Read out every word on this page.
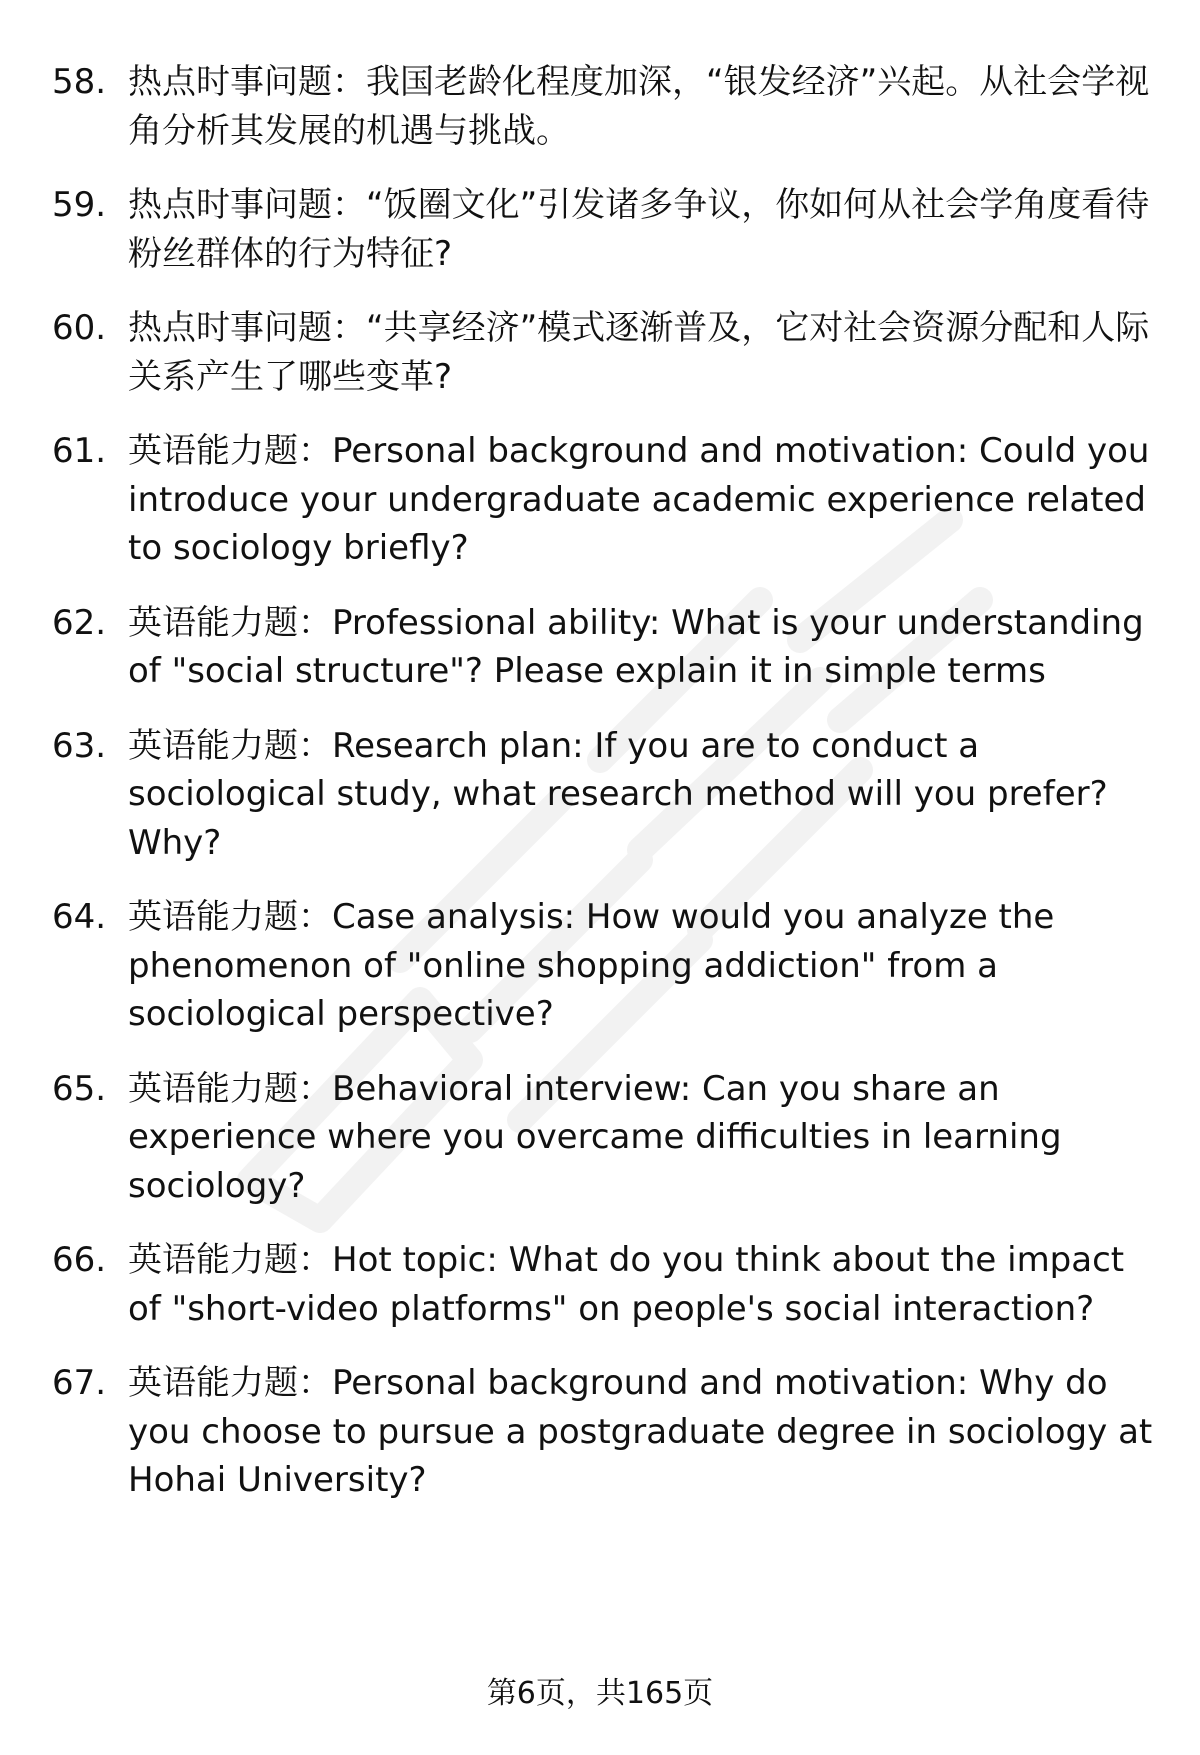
58. 热点时事问题：我国老龄化程度加深，“银发经济”兴起。从社会学视角分析其发展的机遇与挑战。
59. 热点时事问题：“饭圈文化”引发诸多争议，你如何从社会学角度看待粉丝群体的行为特征?
60. 热点时事问题：“共享经济”模式逐渐普及，它对社会资源分配和人际关系产生了哪些变革?
61. 英语能力题：Personal background and motivation: Could you introduce your undergraduate academic experience related to sociology briefly?
62. 英语能力题：Professional ability: What is your understanding of "social structure"? Please explain it in simple terms
63. 英语能力题：Research plan: If you are to conduct a sociological study, what research method will you prefer? Why?
64. 英语能力题：Case analysis: How would you analyze the phenomenon of "online shopping addiction" from a sociological perspective?
65. 英语能力题：Behavioral interview: Can you share an experience where you overcame difficulties in learning sociology?
66. 英语能力题：Hot topic: What do you think about the impact of "short-video platforms" on people's social interaction?
67. 英语能力题：Personal background and motivation: Why do you choose to pursue a postgraduate degree in sociology at Hohai University?
第6页，共165页
